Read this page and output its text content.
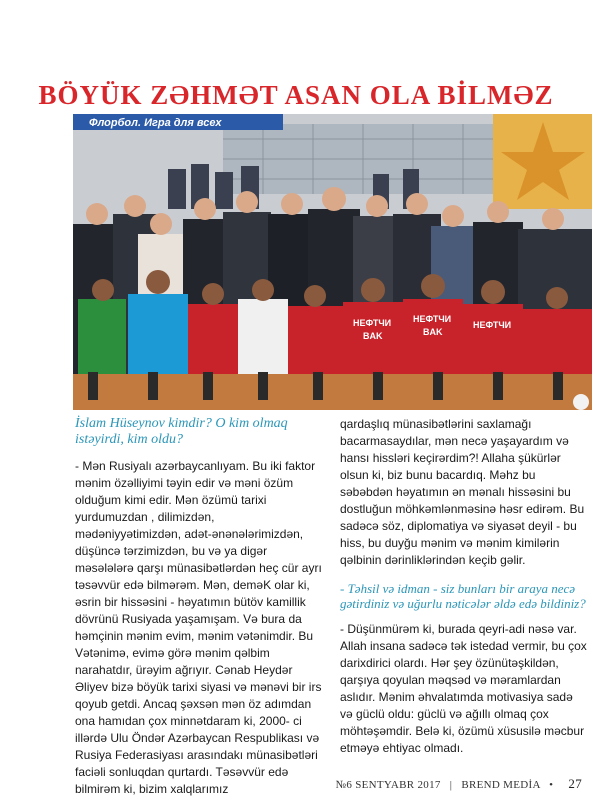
BÖYÜK ZƏHMƏT ASAN OLA BİLMƏZ
Флорбол. Игра для всех
НЕФТЧИ
BAK
НЕФТЧИ
BAK
НЕФТЧИ

İslam Hüseynov kimdir? O kim olmaq istəyirdi, kim oldu?

- Mən Rusiyalı azərbaycanlıyam. Bu iki faktor mənim özəlliyimi təyin edir və məni özüm olduğum kimi edir. Mən özümü tarixi yurdumuzdan , dilimizdən, mədəniyyətimizdən, adət-ənənələrimizdən, düşüncə tərzimizdən, bu və ya digər məsələlərə qarşı münasibətlərdən heç cür ayrı təsəvvür edə bilmərəm. Mən, deməK olar ki, əsrin bir hissəsini - həyatımın bütöv kamillik dövrünü Rusiyada yaşamışam. Və bura da həmçinin mənim evim, mənim vətənimdir. Bu Vətənimə, evimə görə mənim qəlbim narahatdır, ürəyim ağrıyır. Cənab Heydər Əliyev bizə böyük tarixi siyasi və mənəvi bir irs qoyub getdi. Ancaq şəxsən mən öz adımdan ona hamıdan çox minnətdaram ki, 2000- ci illərdə Ulu Öndər Azərbaycan Respublikası və Rusiya Federasiyası arasındakı münasibətləri faciəli sonluqdan qurtardı. Təsəvvür edə bilmirəm ki, bizim xalqlarımız

qardaşlıq münasibətlərini saxlamağı bacarmasaydılar, mən necə yaşayardım və hansı hissləri keçirərdim?! Allaha şükürlər olsun ki, biz bunu bacardıq. Məhz bu səbəbdən həyatımın ən mənalı hissəsini bu dostluğun möhkəmlənməsinə həsr edirəm. Bu sadəcə söz, diplomatiya və siyasət deyil - bu hiss, bu duyğu mənim və mənim kimilərin qəlbinin dərinliklərindən keçib gəlir.

- Təhsil və idman - siz bunları bir araya necə gətirdiniz və uğurlu nəticələr əldə edə bildiniz?

- Düşünmürəm ki, burada qeyri-adi nəsə var. Allah insana sadəcə tək istedad vermir, bu çox darixdirici olardı. Hər şey özünütəşkildən, qarşıya qoyulan məqsəd və məramlardan aslıdır. Mənim əhvalatımda motivasiya sadə və güclü oldu: güclü və ağıllı olmaq çox möhtəşəmdir. Belə ki, özümü xüsusilə məcbur etməyə ehtiyac olmadı.

№6 SENTYABR 2017 | BREND MEDİA • 27
